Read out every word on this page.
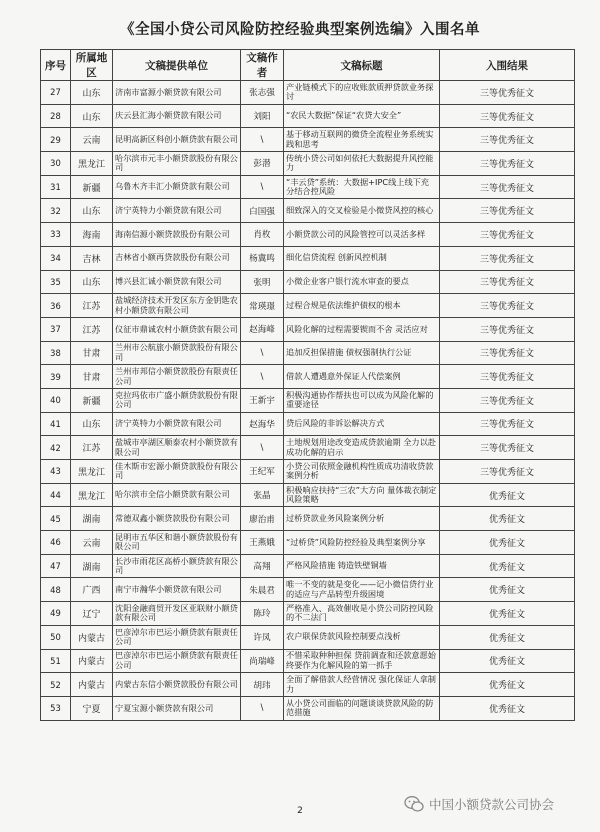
《全国小贷公司风险防控经验典型案例选编》入围名单
序号	所属地区	文稿提供单位	文稿作者	文稿标题	入围结果
27	山东	济南市富源小额贷款有限公司	张志强	产业链模式下的应收账款质押贷款业务探讨	三等优秀征文
28	山东	庆云县汇海小额贷款有限公司	刘阳	“农民大数据”保证“农贷大安全”	三等优秀征文
29	云南	昆明高新区科创小额贷款有限公司	\	基于移动互联网的微贷全流程业务系统实践和思考	三等优秀征文
30	黑龙江	哈尔滨市元丰小额贷款股份有限公司	彭潜	传统小贷公司如何依托大数据提升风控能力	三等优秀征文
31	新疆	乌鲁木齐丰汇小额贷款有限公司	\	“丰云贷”系统：大数据+IPC线上线下充分结合控风险	三等优秀征文
32	山东	济宁英特力小额贷款有限公司	白国强	细致深入的交叉检验是小微贷风控的核心	三等优秀征文
33	海南	海南信源小额贷款股份有限公司	肖枚	小额贷款公司的风险管控可以灵活多样	三等优秀征文
34	吉林	吉林省小额再贷款股份有限公司	杨冀鸣	细化信贷流程 创新风控机制	三等优秀征文
35	山东	博兴县汇诚小额贷款有限公司	张明	小微企业客户银行流水审查的要点	三等优秀征文
36	江苏	盐城经济技术开发区东方金钥匙农村小额贷款有限公司	常瑛璟	过程合规是依法维护债权的根本	三等优秀征文
37	江苏	仪征市鼎诚农村小额贷款有限公司	赵海峰	风险化解的过程需要锲而不舍 灵活应对	三等优秀征文
38	甘肃	兰州市公航旅小额贷款股份有限公司	\	追加反担保措施 债权强制执行公证	三等优秀征文
39	甘肃	兰州市邦信小额贷款股份有限责任公司	\	借款人遭遇意外保证人代偿案例	三等优秀征文
40	新疆	克拉玛依市广盛小额贷款股份有限公司	王新宇	积极沟通协作帮扶也可以成为风险化解的重要途径	三等优秀征文
41	山东	济宁英特力小额贷款有限公司	赵海华	贷后风险的非诉讼解决方式	三等优秀征文
42	江苏	盐城市亭湖区顺泰农村小额贷款有限公司	\	土地规划用途改变造成贷款逾期 全力以赴成功化解的启示	三等优秀征文
43	黑龙江	佳木斯市宏源小额贷款股份有限公司	王纪军	小贷公司依照金融机构性质成功清收贷款案例分析	三等优秀征文
44	黑龙江	哈尔滨市全信小额贷款有限公司	张晶	积极响应扶持“三农”大方向 量体裁衣制定风险策略	优秀征文
45	湖南	常德双鑫小额贷款股份有限公司	廖治甫	过桥贷款业务风险案例分析	优秀征文
46	云南	昆明市五华区和谐小额贷款股份有限公司	王燕娥	“过桥贷”风险防控经验及典型案例分享	优秀征文
47	湖南	长沙市雨花区高桥小额贷款有限公司	高翔	严格风险措施 铸造铁壁铜墙	优秀征文
48	广西	南宁市瀚华小额贷款有限公司	朱晨君	唯一不变的就是变化——记小微信贷行业的适应与产品转型升级困境	优秀征文
49	辽宁	沈阳金融商贸开发区亚联财小额贷款有限公司	陈玲	严格准入、高效催收是小贷公司防控风险的不二法门	优秀征文
50	内蒙古	巴彦淖尔市巴运小额贷款有限责任公司	许凤	农户联保贷款风险控制要点浅析	优秀征文
51	内蒙古	巴彦淖尔市巴运小额贷款有限责任公司	尚瑞峰	不惜采取种种担保 贷前调查和还款意愿始终要作为化解风险的第一抓手	优秀征文
52	内蒙古	内蒙古东信小额贷款股份有限公司	胡玮	全面了解借款人经营情况 强化保证人拿制力	优秀征文
53	宁夏	宁夏宝源小额贷款有限公司	\	从小贷公司面临的问题谈谈贷款风险的防范措施	优秀征文
2	中国小额贷款公司协会
